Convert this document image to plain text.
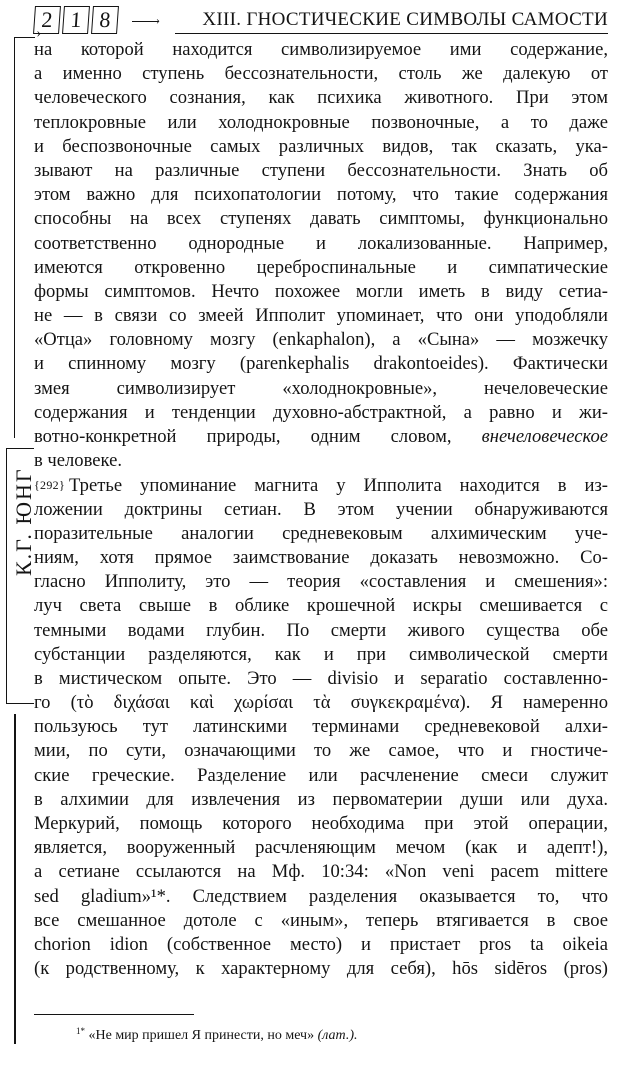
2 1 8	› XIII. ГНОСТИЧЕСКИЕ СИМВОЛЫ САМОСТИ
›
К.Г. ЮНГ
на которой находится символизируемое ими содержание,
а именно ступень бессознательности, столь же далекую от
человеческого сознания, как психика животного. При этом
теплокровные или холоднокровные позвоночные, а то даже
и беспозвоночные самых различных видов, так сказать, ука-
зывают на различные ступени бессознательности. Знать об
этом важно для психопатологии потому, что такие содержания
способны на всех ступенях давать симптомы, функционально
соответственно однородные и локализованные. Например,
имеются откровенно цереброспинальные и симпатические
формы симптомов. Нечто похожее могли иметь в виду сетиа-
не — в связи со змеей Ипполит упоминает, что они уподобляли
«Отца» головному мозгу (enkaphalon), а «Сына» — мозжечку
и спинному мозгу (parenkephalis drakontoeides). Фактически
змея символизирует «холоднокровные», нечеловеческие
содержания и тенденции духовно-абстрактной, а равно и жи-
вотно-конкретной природы, одним словом, внечеловеческое
в человеке.
{292} Третье упоминание магнита у Ипполита находится в из-
ложении доктрины сетиан. В этом учении обнаруживаются
поразительные аналогии средневековым алхимическим уче-
ниям, хотя прямое заимствование доказать невозможно. Со-
гласно Ипполиту, это — теория «составления и смешения»:
луч света свыше в облике крошечной искры смешивается с
темными водами глубин. По смерти живого существа обе
субстанции разделяются, как и при символической смерти
в мистическом опыте. Это — divisio и separatio составленно-
го (τὸ διχάσαι καὶ χωρίσαι τὰ συγκεκραμένα). Я намеренно
пользуюсь тут латинскими терминами средневековой алхи-
мии, по сути, означающими то же самое, что и гностиче-
ские греческие. Разделение или расчленение смеси служит
в алхимии для извлечения из первоматерии души или духа.
Меркурий, помощь которого необходима при этой операции,
является, вооруженный расчленяющим мечом (как и адепт!),
а сетиане ссылаются на Мф. 10:34: «Non veni pacem mittere
sed gladium»¹*. Следствием разделения оказывается то, что
все смешанное дотоле с «иным», теперь втягивается в свое
chorion idion (собственное место) и пристает pros ta oikeia
(к родственному, к характерному для себя), hōs sidēros (pros)
$^{1*}$ «Не мир пришел Я принести, но меч» (лат.).
